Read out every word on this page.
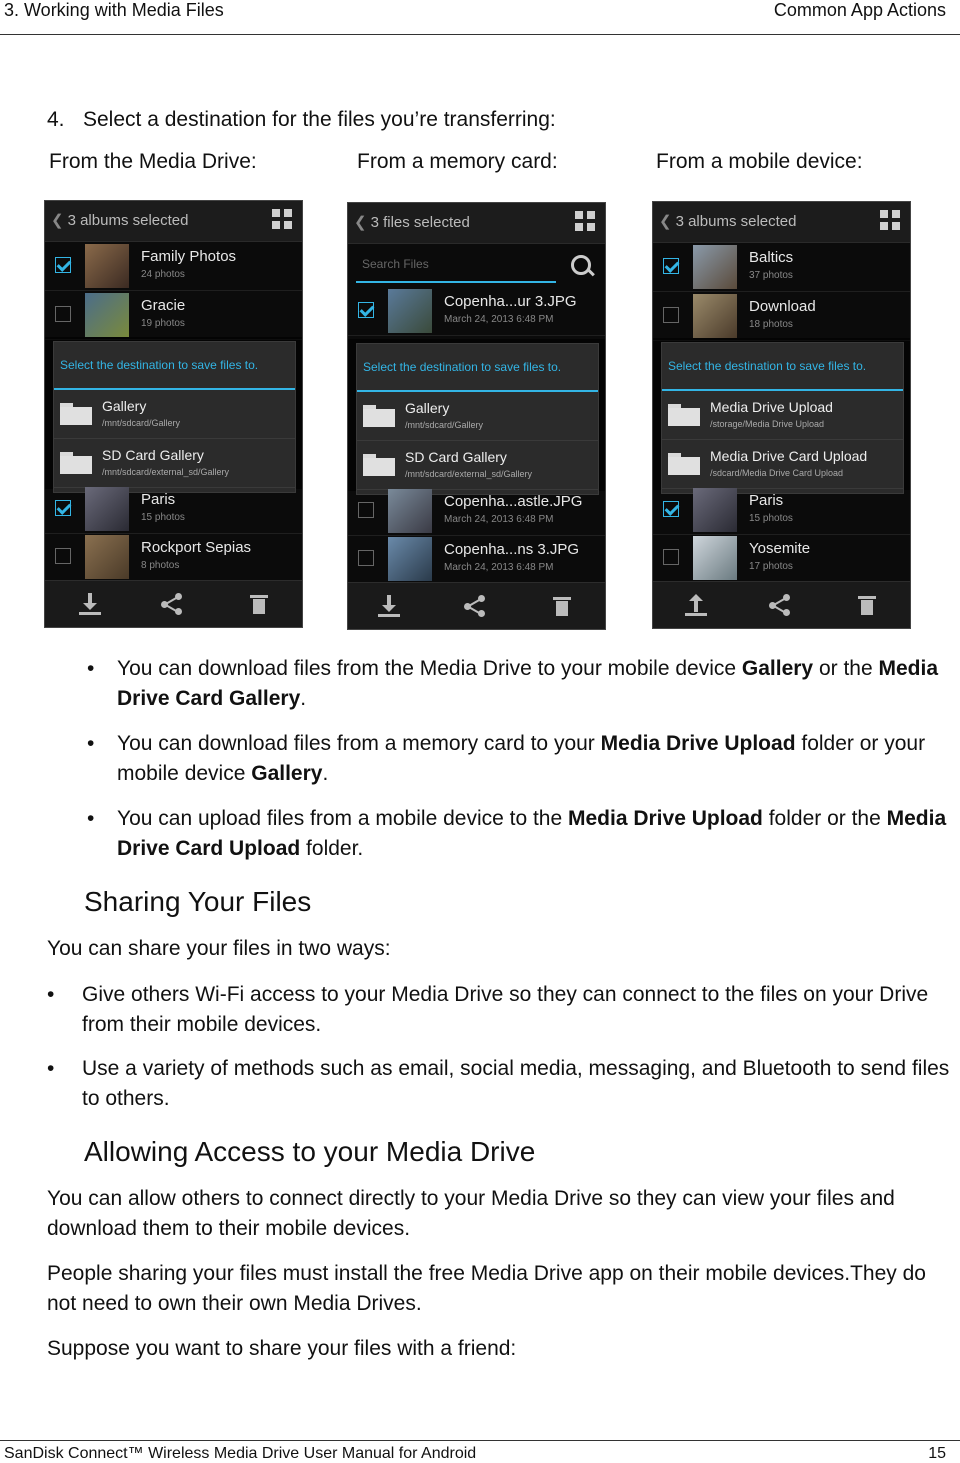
3. Working with Media Files	Common App Actions
4. Select a destination for the files you’re transferring:
From the Media Drive:	From a memory card:	From a mobile device:
❮ 3 albums selected
Family Photos
24 photos
Gracie
19 photos
Select the destination to save files to.
Gallery
/mnt/sdcard/Gallery
SD Card Gallery
/mnt/sdcard/external_sd/Gallery
Paris
15 photos
Rockport Sepias
8 photos
❮ 3 files selected
Search Files
Copenha...ur 3.JPG
March 24, 2013 6:48 PM
Select the destination to save files to.
Gallery
/mnt/sdcard/Gallery
SD Card Gallery
/mnt/sdcard/external_sd/Gallery
Copenha...astle.JPG
March 24, 2013 6:48 PM
Copenha...ns 3.JPG
March 24, 2013 6:48 PM
❮ 3 albums selected
Baltics
37 photos
Download
18 photos
Select the destination to save files to.
Media Drive Upload
/storage/Media Drive Upload
Media Drive Card Upload
/sdcard/Media Drive Card Upload
Paris
15 photos
Yosemite
17 photos
•	You can download files from the Media Drive to your mobile device Gallery or the Media Drive Card Gallery.
•	You can download files from a memory card to your Media Drive Upload folder or your mobile device Gallery.
•	You can upload files from a mobile device to the Media Drive Upload folder or the Media Drive Card Upload folder.
Sharing Your Files
You can share your files in two ways:
•	Give others Wi-Fi access to your Media Drive so they can connect to the files on your Drive from their mobile devices.
•	Use a variety of methods such as email, social media, messaging, and Bluetooth to send files to others.
Allowing Access to your Media Drive
You can allow others to connect directly to your Media Drive so they can view your files and download them to their mobile devices.
People sharing your files must install the free Media Drive app on their mobile devices.They do not need to own their own Media Drives.
Suppose you want to share your files with a friend:
SanDisk Connect™ Wireless Media Drive User Manual for Android	15
